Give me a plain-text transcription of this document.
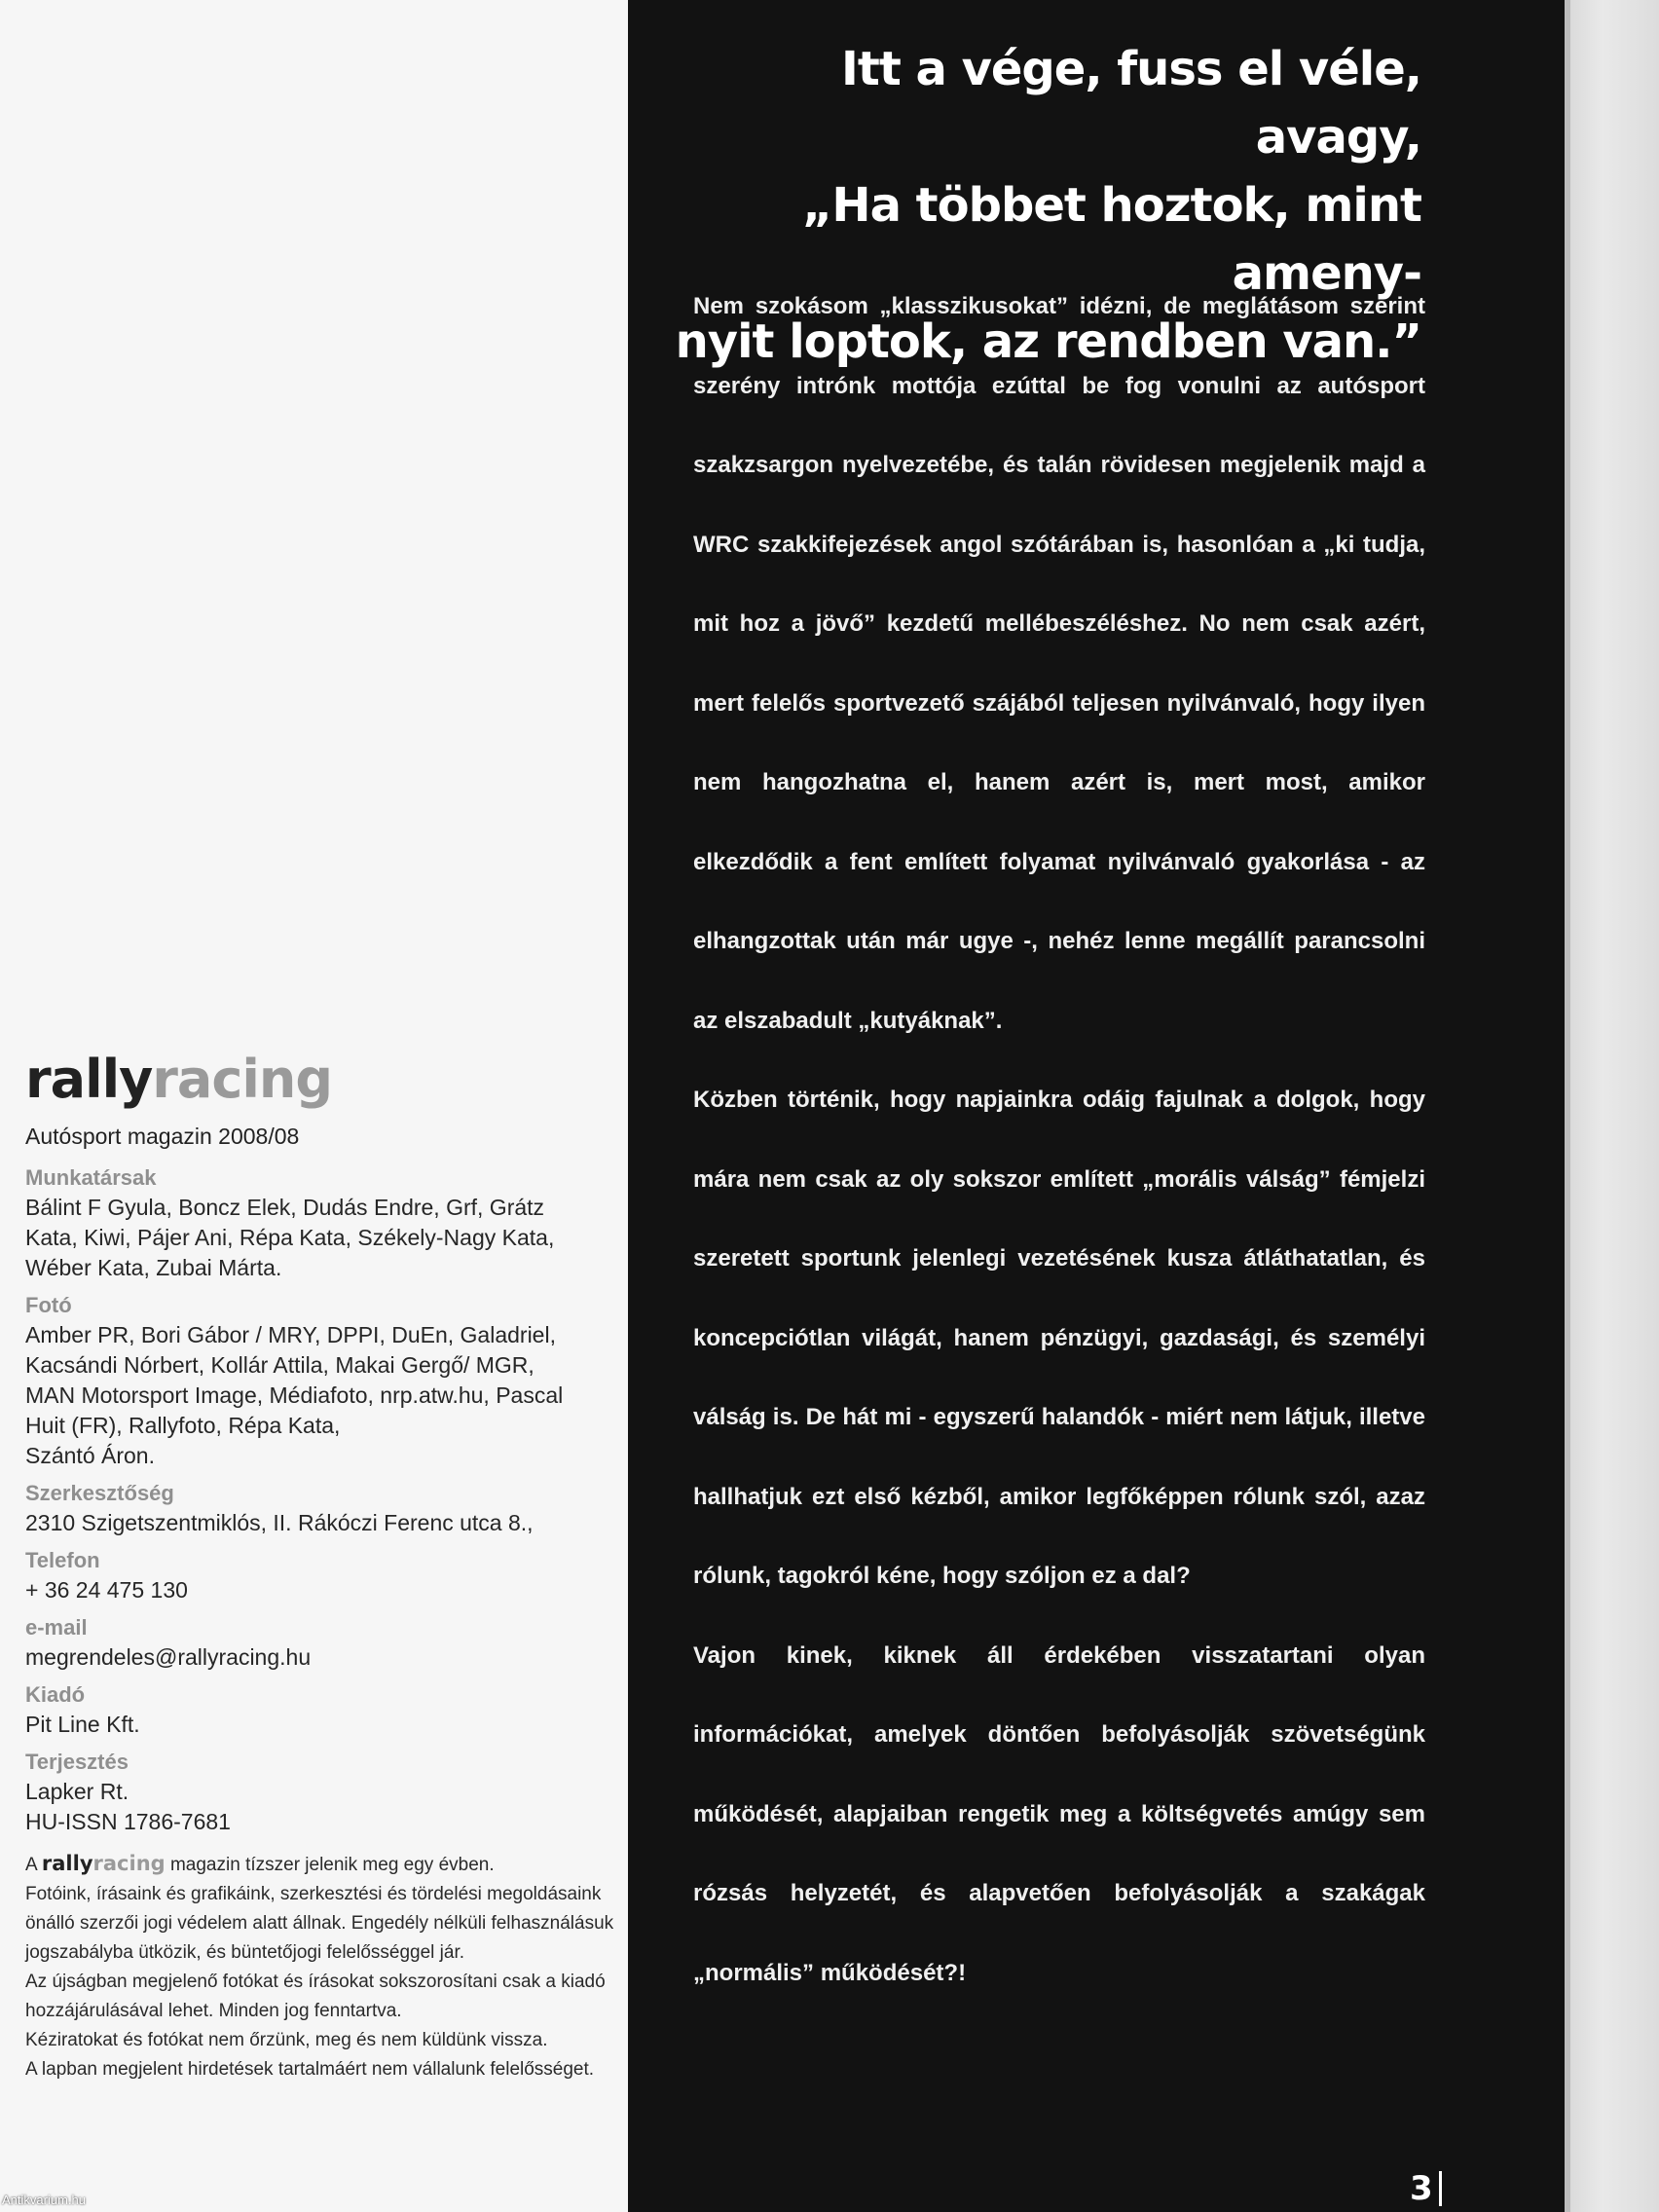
rallyracing
Autósport magazin 2008/08
Munkatársak
Bálint F Gyula, Boncz Elek, Dudás Endre, Grf, Grátz
Kata, Kiwi, Pájer Ani, Répa Kata, Székely-Nagy Kata,
Wéber Kata, Zubai Márta.
Fotó
Amber PR, Bori Gábor / MRY, DPPI, DuEn, Galadriel,
Kacsándi Nórbert, Kollár Attila, Makai Gergő/ MGR,
MAN Motorsport Image, Médiafoto, nrp.atw.hu, Pascal
Huit (FR), Rallyfoto, Répa Kata,
Szántó Áron.
Szerkesztőség
2310 Szigetszentmiklós, II. Rákóczi Ferenc utca 8.,
Telefon
+ 36 24 475 130
e-mail
megrendeles@rallyracing.hu
Kiadó
Pit Line Kft.
Terjesztés
Lapker Rt.
HU-ISSN 1786-7681
A rallyracing magazin tízszer jelenik meg egy évben.
Fotóink, írásaink és grafikáink, szerkesztési és tördelési megoldásaink
önálló szerzői jogi védelem alatt állnak. Engedély nélküli felhasználásuk
jogszabályba ütközik, és büntetőjogi felelősséggel jár.
Az újságban megjelenő fotókat és írásokat sokszorosítani csak a kiadó
hozzájárulásával lehet. Minden jog fenntartva.
Kéziratokat és fotókat nem őrzünk, meg és nem küldünk vissza.
A lapban megjelent hirdetések tartalmáért nem vállalunk felelősséget.
Itt a vége, fuss el véle, avagy,
„Ha többet hoztok, mint ameny-
nyit loptok, az rendben van.”

Nem szokásom „klasszikusokat” idézni, de meglátásom szerint szerény intrónk mottója ezúttal be fog vonulni az autósport szakzsargon nyelvezetébe, és talán rövidesen megjelenik majd a WRC szakkifejezések angol szótárában is, hasonlóan a „ki tudja, mit hoz a jövő” kezdetű mellébeszéléshez. No nem csak azért, mert felelős sportvezető szájából teljesen nyilvánvaló, hogy ilyen nem hangozhatna el, hanem azért is, mert most, amikor elkezdődik a fent említett folyamat nyilvánvaló gyakorlása - az elhangzottak után már ugye -, nehéz lenne megállít parancsolni az elszabadult „kutyáknak”.

Közben történik, hogy napjainkra odáig fajulnak a dolgok, hogy mára nem csak az oly sokszor említett „morális válság” fémjelzi szeretett sportunk jelenlegi vezetésének kusza átláthatatlan, és koncepciótlan világát, hanem pénzügyi, gazdasági, és személyi válság is. De hát mi - egyszerű halandók - miért nem látjuk, illetve hallhatjuk ezt első kézből, amikor legfőképpen rólunk szól, azaz rólunk, tagokról kéne, hogy szóljon ez a dal?

Vajon kinek, kiknek áll érdekében visszatartani olyan információkat, amelyek döntően befolyásolják szövetségünk működését, alapjaiban rengetik meg a költségvetés amúgy sem rózsás helyzetét, és alapvetően befolyásolják a szakágak „normális” működését?!

3
Antikvarium.hu
